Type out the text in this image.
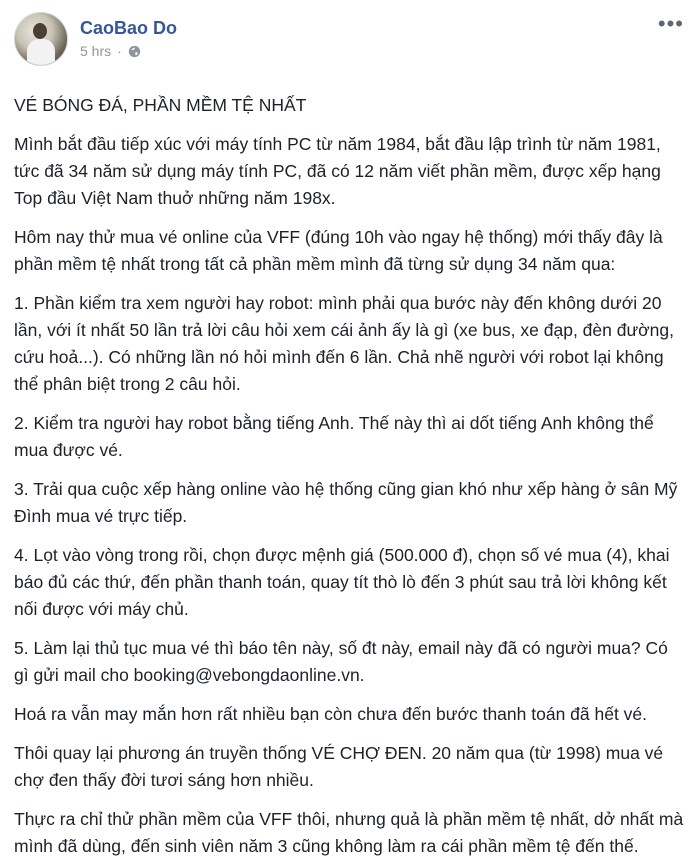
CaoBao Do
5 hrs ·
•••

VÉ BÓNG ĐÁ, PHẦN MỀM TỆ NHẤT

Mình bắt đầu tiếp xúc với máy tính PC từ năm 1984, bắt đầu lập trình từ năm 1981, tức đã 34 năm sử dụng máy tính PC, đã có 12 năm viết phần mềm, được xếp hạng Top đầu Việt Nam thuở những năm 198x.

Hôm nay thử mua vé online của VFF (đúng 10h vào ngay hệ thống) mới thấy đây là phần mềm tệ nhất trong tất cả phần mềm mình đã từng sử dụng 34 năm qua:

1. Phần kiểm tra xem người hay robot: mình phải qua bước này đến không dưới 20 lần, với ít nhất 50 lần trả lời câu hỏi xem cái ảnh ấy là gì (xe bus, xe đạp, đèn đường, cứu hoả...). Có những lần nó hỏi mình đến 6 lần. Chả nhẽ người với robot lại không thể phân biệt trong 2 câu hỏi.

2. Kiểm tra người hay robot bằng tiếng Anh. Thế này thì ai dốt tiếng Anh không thể mua được vé.

3. Trải qua cuộc xếp hàng online vào hệ thống cũng gian khó như xếp hàng ở sân Mỹ Đình mua vé trực tiếp.

4. Lọt vào vòng trong rồi, chọn được mệnh giá (500.000 đ), chọn số vé mua (4), khai báo đủ các thứ, đến phần thanh toán, quay tít thò lò đến 3 phút sau trả lời không kết nối được với máy chủ.

5. Làm lại thủ tục mua vé thì báo tên này, số đt này, email này đã có người mua? Có gì gửi mail cho booking@vebongdaonline.vn.

Hoá ra vẫn may mắn hơn rất nhiều bạn còn chưa đến bước thanh toán đã hết vé.

Thôi quay lại phương án truyền thống VÉ CHỢ ĐEN. 20 năm qua (từ 1998) mua vé chợ đen thấy đời tươi sáng hơn nhiều.

Thực ra chỉ thử phần mềm của VFF thôi, nhưng quả là phần mềm tệ nhất, dở nhất mà mình đã dùng, đến sinh viên năm 3 cũng không làm ra cái phần mềm tệ đến thế.
